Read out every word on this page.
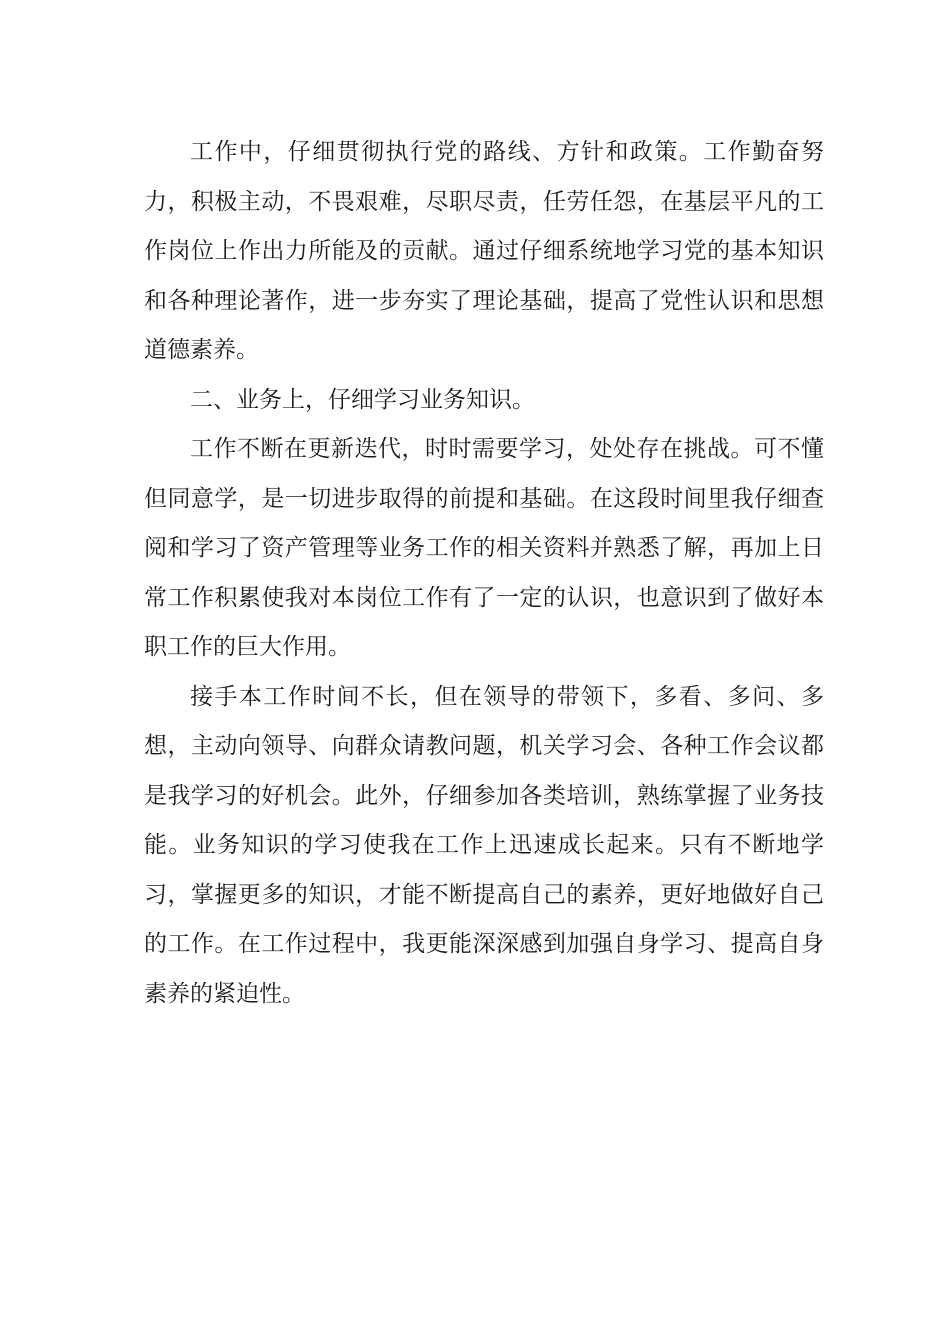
工作中，仔细贯彻执行党的路线、方针和政策。工作勤奋努力，积极主动，不畏艰难，尽职尽责，任劳任怨，在基层平凡的工作岗位上作出力所能及的贡献。通过仔细系统地学习党的基本知识和各种理论著作，进一步夯实了理论基础，提高了党性认识和思想道德素养。

二、业务上，仔细学习业务知识。

工作不断在更新迭代，时时需要学习，处处存在挑战。可不懂但同意学，是一切进步取得的前提和基础。在这段时间里我仔细查阅和学习了资产管理等业务工作的相关资料并熟悉了解，再加上日常工作积累使我对本岗位工作有了一定的认识，也意识到了做好本职工作的巨大作用。

接手本工作时间不长，但在领导的带领下，多看、多问、多想，主动向领导、向群众请教问题，机关学习会、各种工作会议都是我学习的好机会。此外，仔细参加各类培训，熟练掌握了业务技能。业务知识的学习使我在工作上迅速成长起来。只有不断地学习，掌握更多的知识，才能不断提高自己的素养，更好地做好自己的工作。在工作过程中，我更能深深感到加强自身学习、提高自身素养的紧迫性。
